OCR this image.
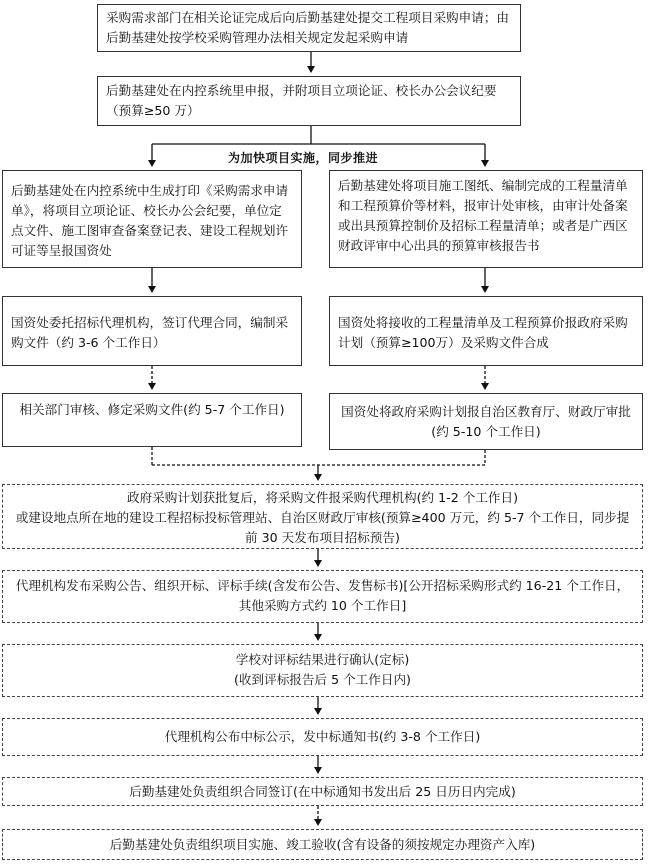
采购需求部门在相关论证完成后向后勤基建处提交工程项目采购申请；由后勤基建处按学校采购管理办法相关规定发起采购申请

后勤基建处在内控系统里申报，并附项目立项论证、校长办公会议纪要（预算≥50 万）

为加快项目实施，同步推进

后勤基建处在内控系统中生成打印《采购需求申请单》，将项目立项论证、校长办公会纪要，单位定点文件、施工图审查备案登记表、建设工程规划许可证等呈报国资处

后勤基建处将项目施工图纸、编制完成的工程量清单和工程预算价等材料，报审计处审核，由审计处备案或出具预算控制价及招标工程量清单；或者是广西区财政评审中心出具的预算审核报告书

国资处委托招标代理机构，签订代理合同，编制采购文件（约 3-6 个工作日）

国资处将接收的工程量清单及工程预算价报政府采购计划（预算≥100万）及采购文件合成

相关部门审核、修定采购文件(约 5-7 个工作日)	国资处将政府采购计划报自治区教育厅、财政厅审批(约 5-10 个工作日)

政府采购计划获批复后，将采购文件报采购代理机构(约 1-2 个工作日)

或建设地点所在地的建设工程招标投标管理站、自治区财政厅审核(预算≥400 万元，约 5-7 个工作日，同步提前 30 天发布项目招标预告)

代理机构发布采购公告、组织开标、评标手续(含发布公告、发售标书)[公开招标采购形式约 16-21 个工作日，其他采购方式约 10 个工作日]

学校对评标结果进行确认(定标)

(收到评标报告后 5 个工作日内)

代理机构公布中标公示，发中标通知书(约 3-8 个工作日)

后勤基建处负责组织合同签订(在中标通知书发出后 25 日历日内完成)

后勤基建处负责组织项目实施、竣工验收(含有设备的须按规定办理资产入库)
